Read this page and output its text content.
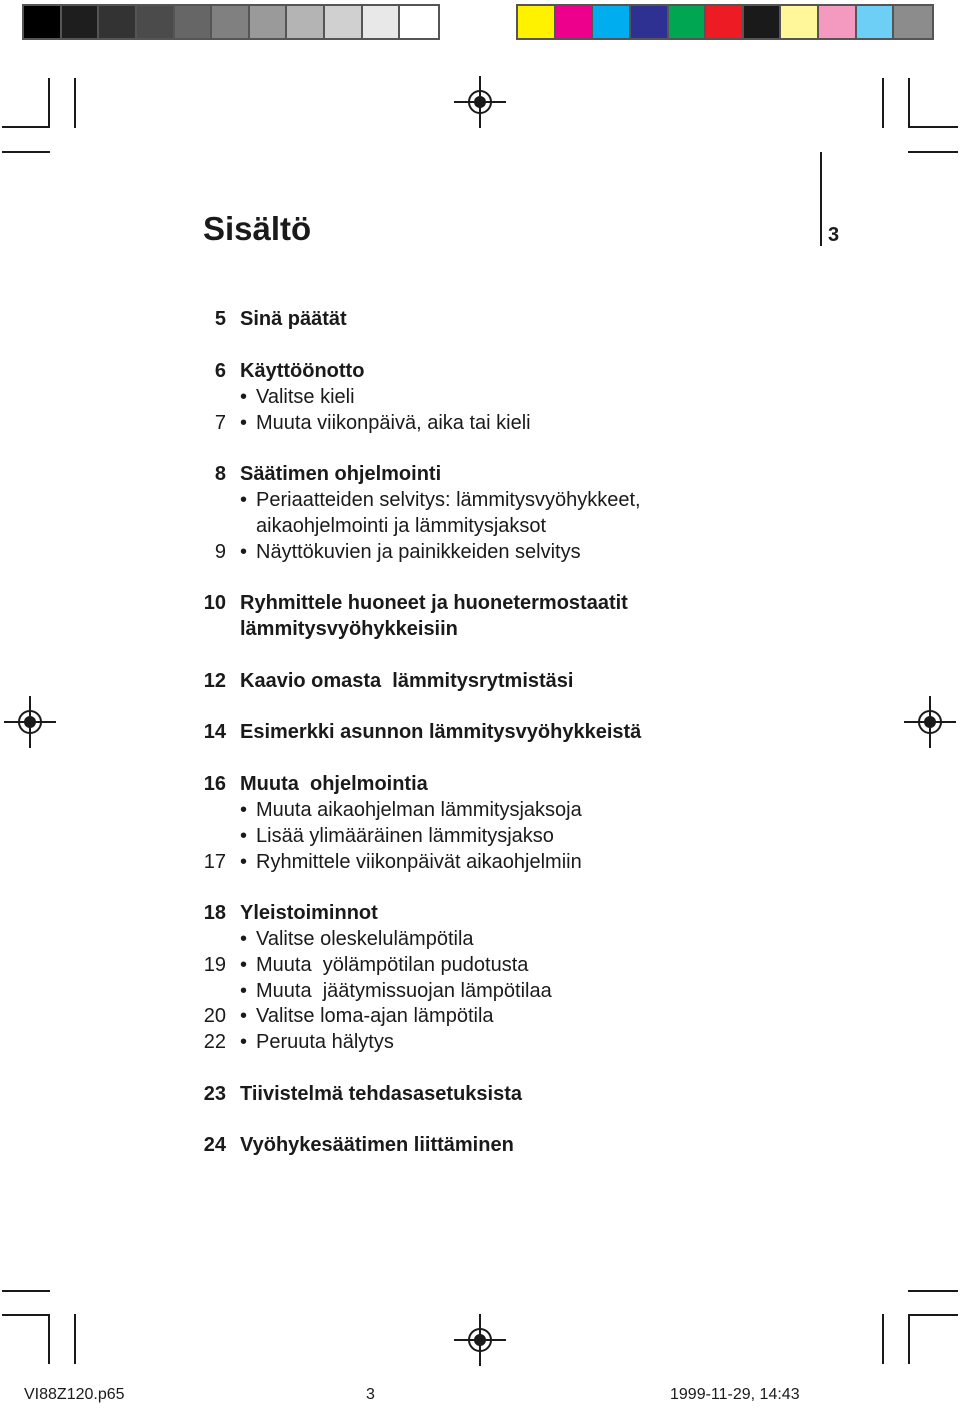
Sisältö	3
5 Sinä päätät
6 Käyttöönotto
• Valitse kieli
7 • Muuta viikonpäivä, aika tai kieli
8 Säätimen ohjelmointi
• Periaatteiden selvitys: lämmitysvyöhykkeet,
aikaohjelmointi ja lämmitysjaksot
9 • Näyttökuvien ja painikkeiden selvitys
10 Ryhmittele huoneet ja huonetermostaatit
lämmitysvyöhykkeisiin
12 Kaavio omasta  lämmitysrytmistäsi
14 Esimerkki asunnon lämmitysvyöhykkeistä
16 Muuta  ohjelmointia
• Muuta aikaohjelman lämmitysjaksoja
• Lisää ylimääräinen lämmitysjakso
17 • Ryhmittele viikonpäivät aikaohjelmiin
18 Yleistoiminnot
• Valitse oleskelulämpötila
19 • Muuta  yölämpötilan pudotusta
• Muuta  jäätymissuojan lämpötilaa
20 • Valitse loma-ajan lämpötila
22 • Peruuta hälytys
23 Tiivistelmä tehdasasetuksista
24 Vyöhykesäätimen liittäminen
VI88Z120.p65	3	1999-11-29, 14:43
